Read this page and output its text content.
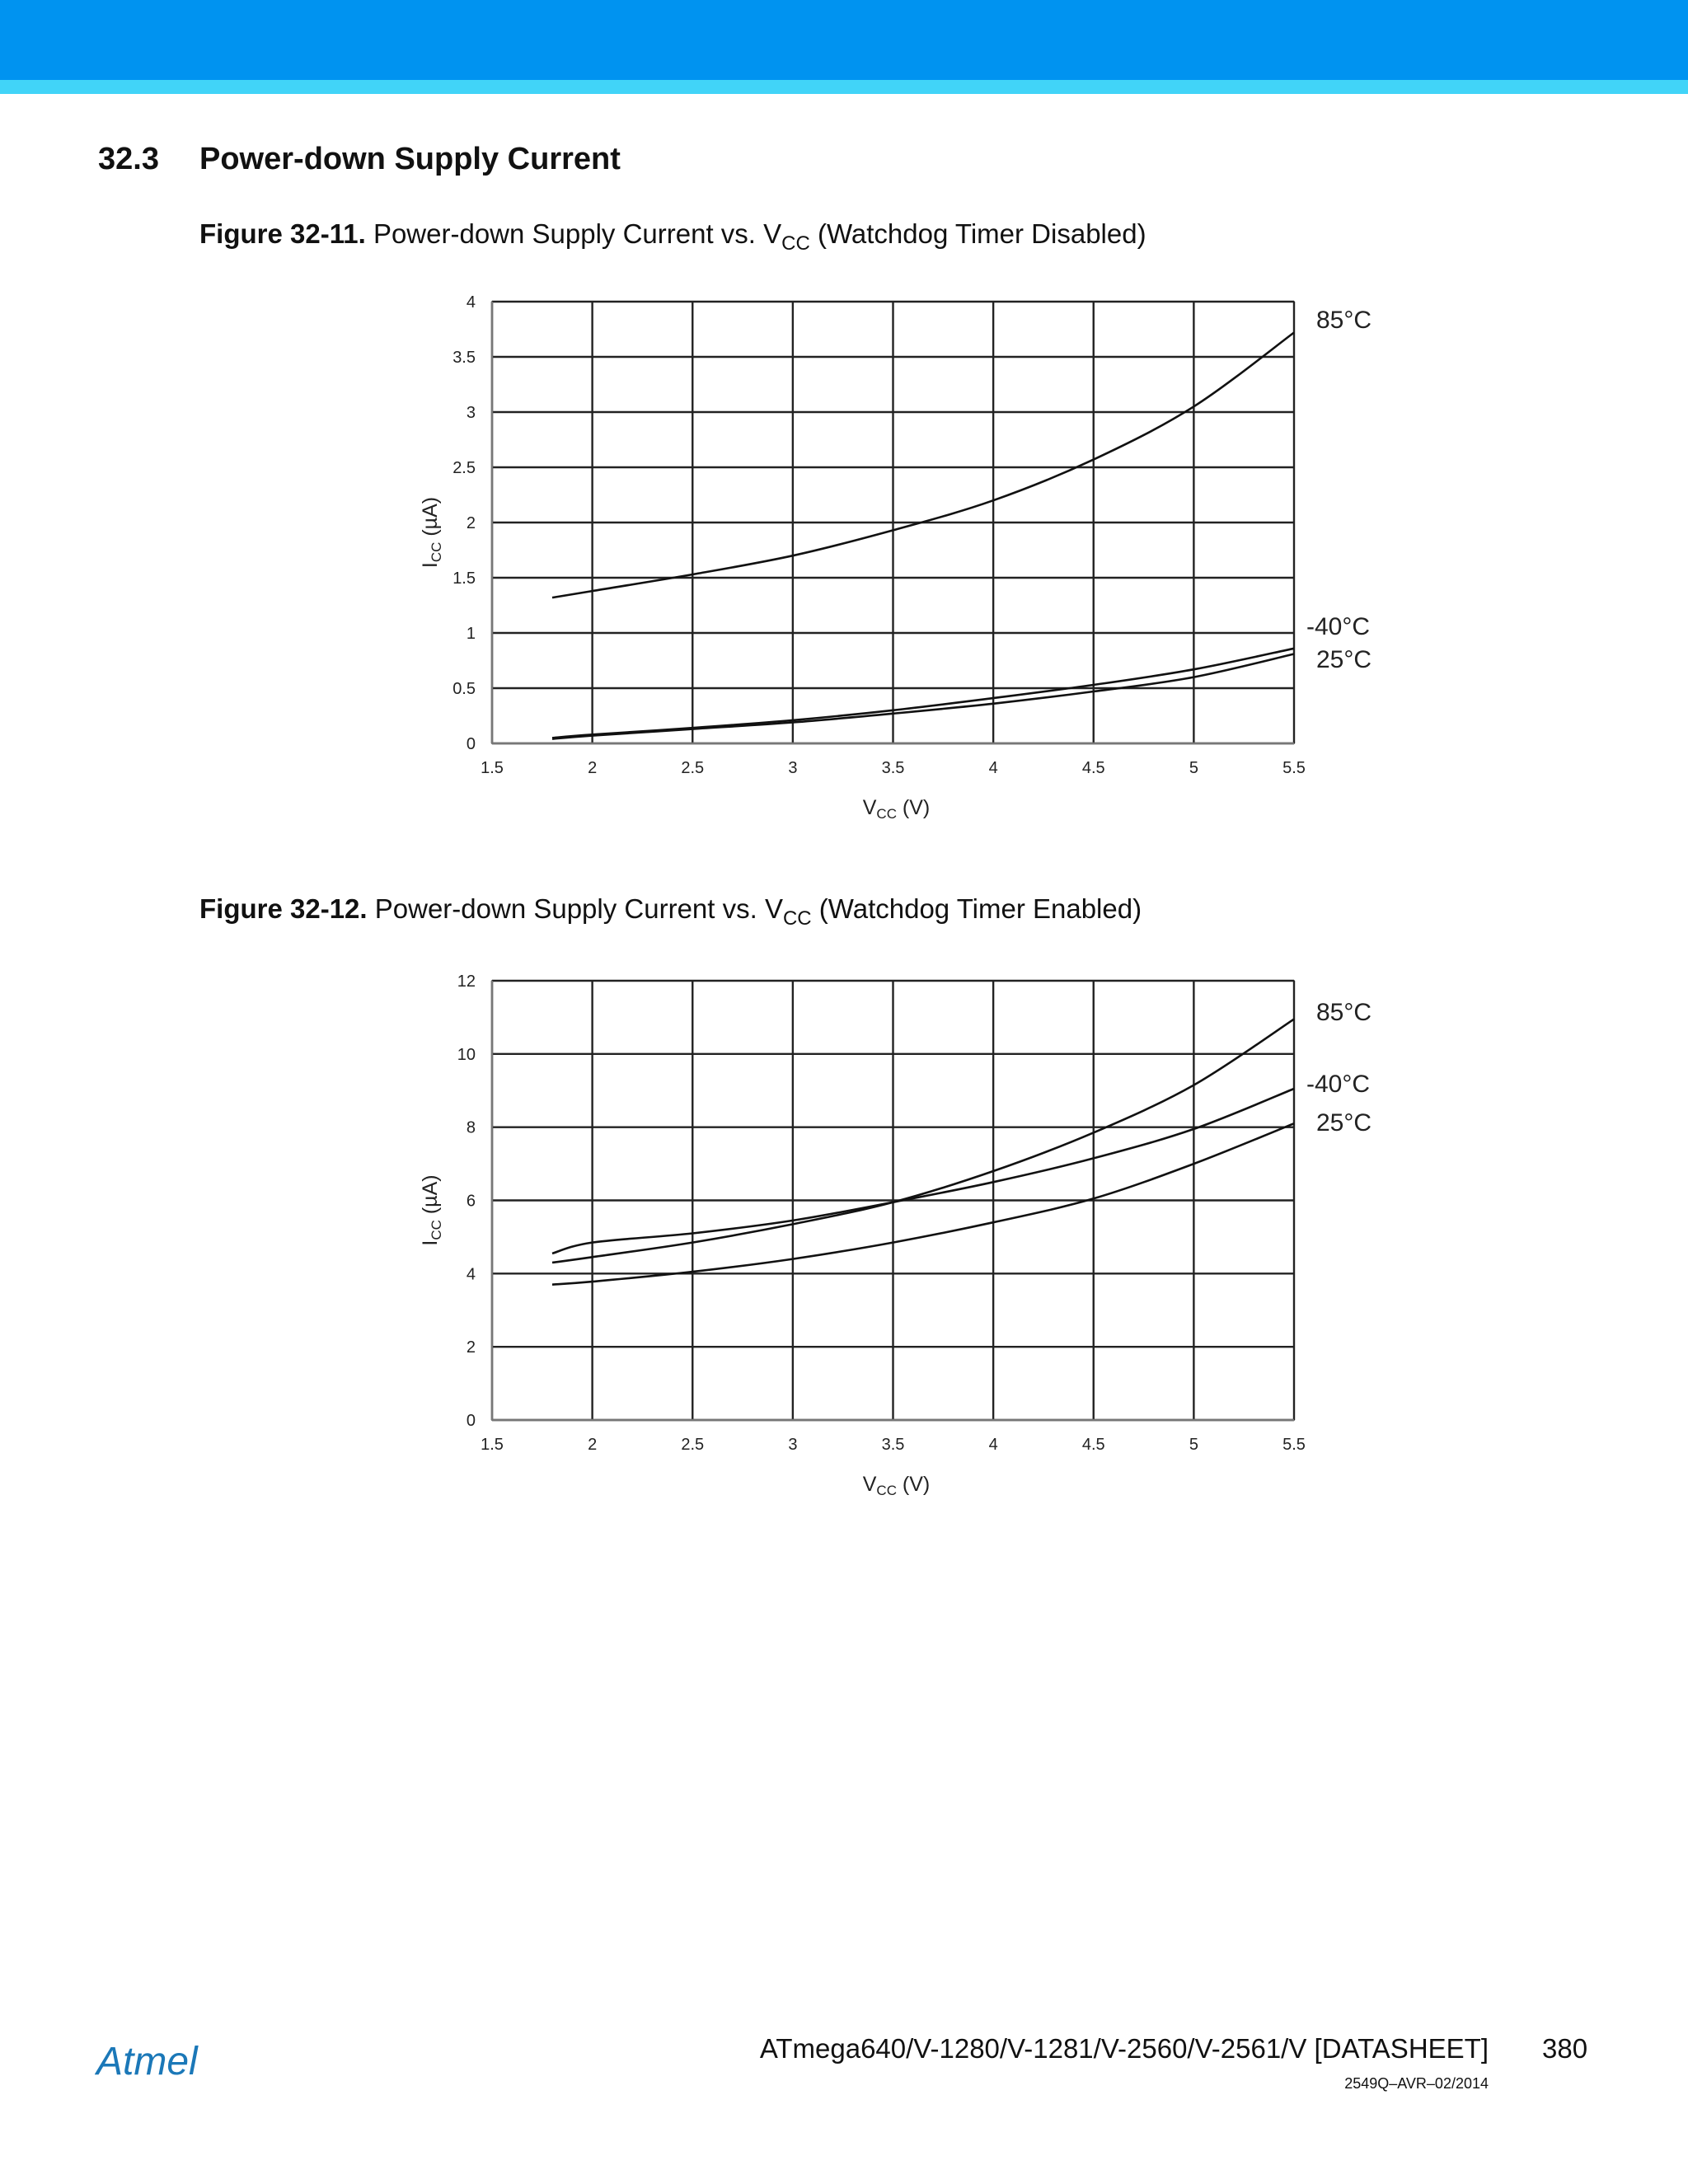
32.3 Power-down Supply Current
Figure 32-11. Power-down Supply Current vs. $V_{CC}$ (Watchdog Timer Disabled)
1.5	2	2.5	3	3.5	4	4.5	5	5.5
0
0.5
1
1.5
2
2.5
3
3.5
4
$V_{CC}$ (V)
$I_{CC}$ (µA)
85°C
-40°C
25°C
Figure 32-12. Power-down Supply Current vs. $V_{CC}$ (Watchdog Timer Enabled)
1.5	2	2.5	3	3.5	4	4.5	5	5.5
0
2
4
6
8
10
12
$V_{CC}$ (V)
$I_{CC}$ (µA)
85°C
-40°C
25°C
Atmel	ATmega640/V-1280/V-1281/V-2560/V-2561/V [DATASHEET] 380
2549Q–AVR–02/2014
